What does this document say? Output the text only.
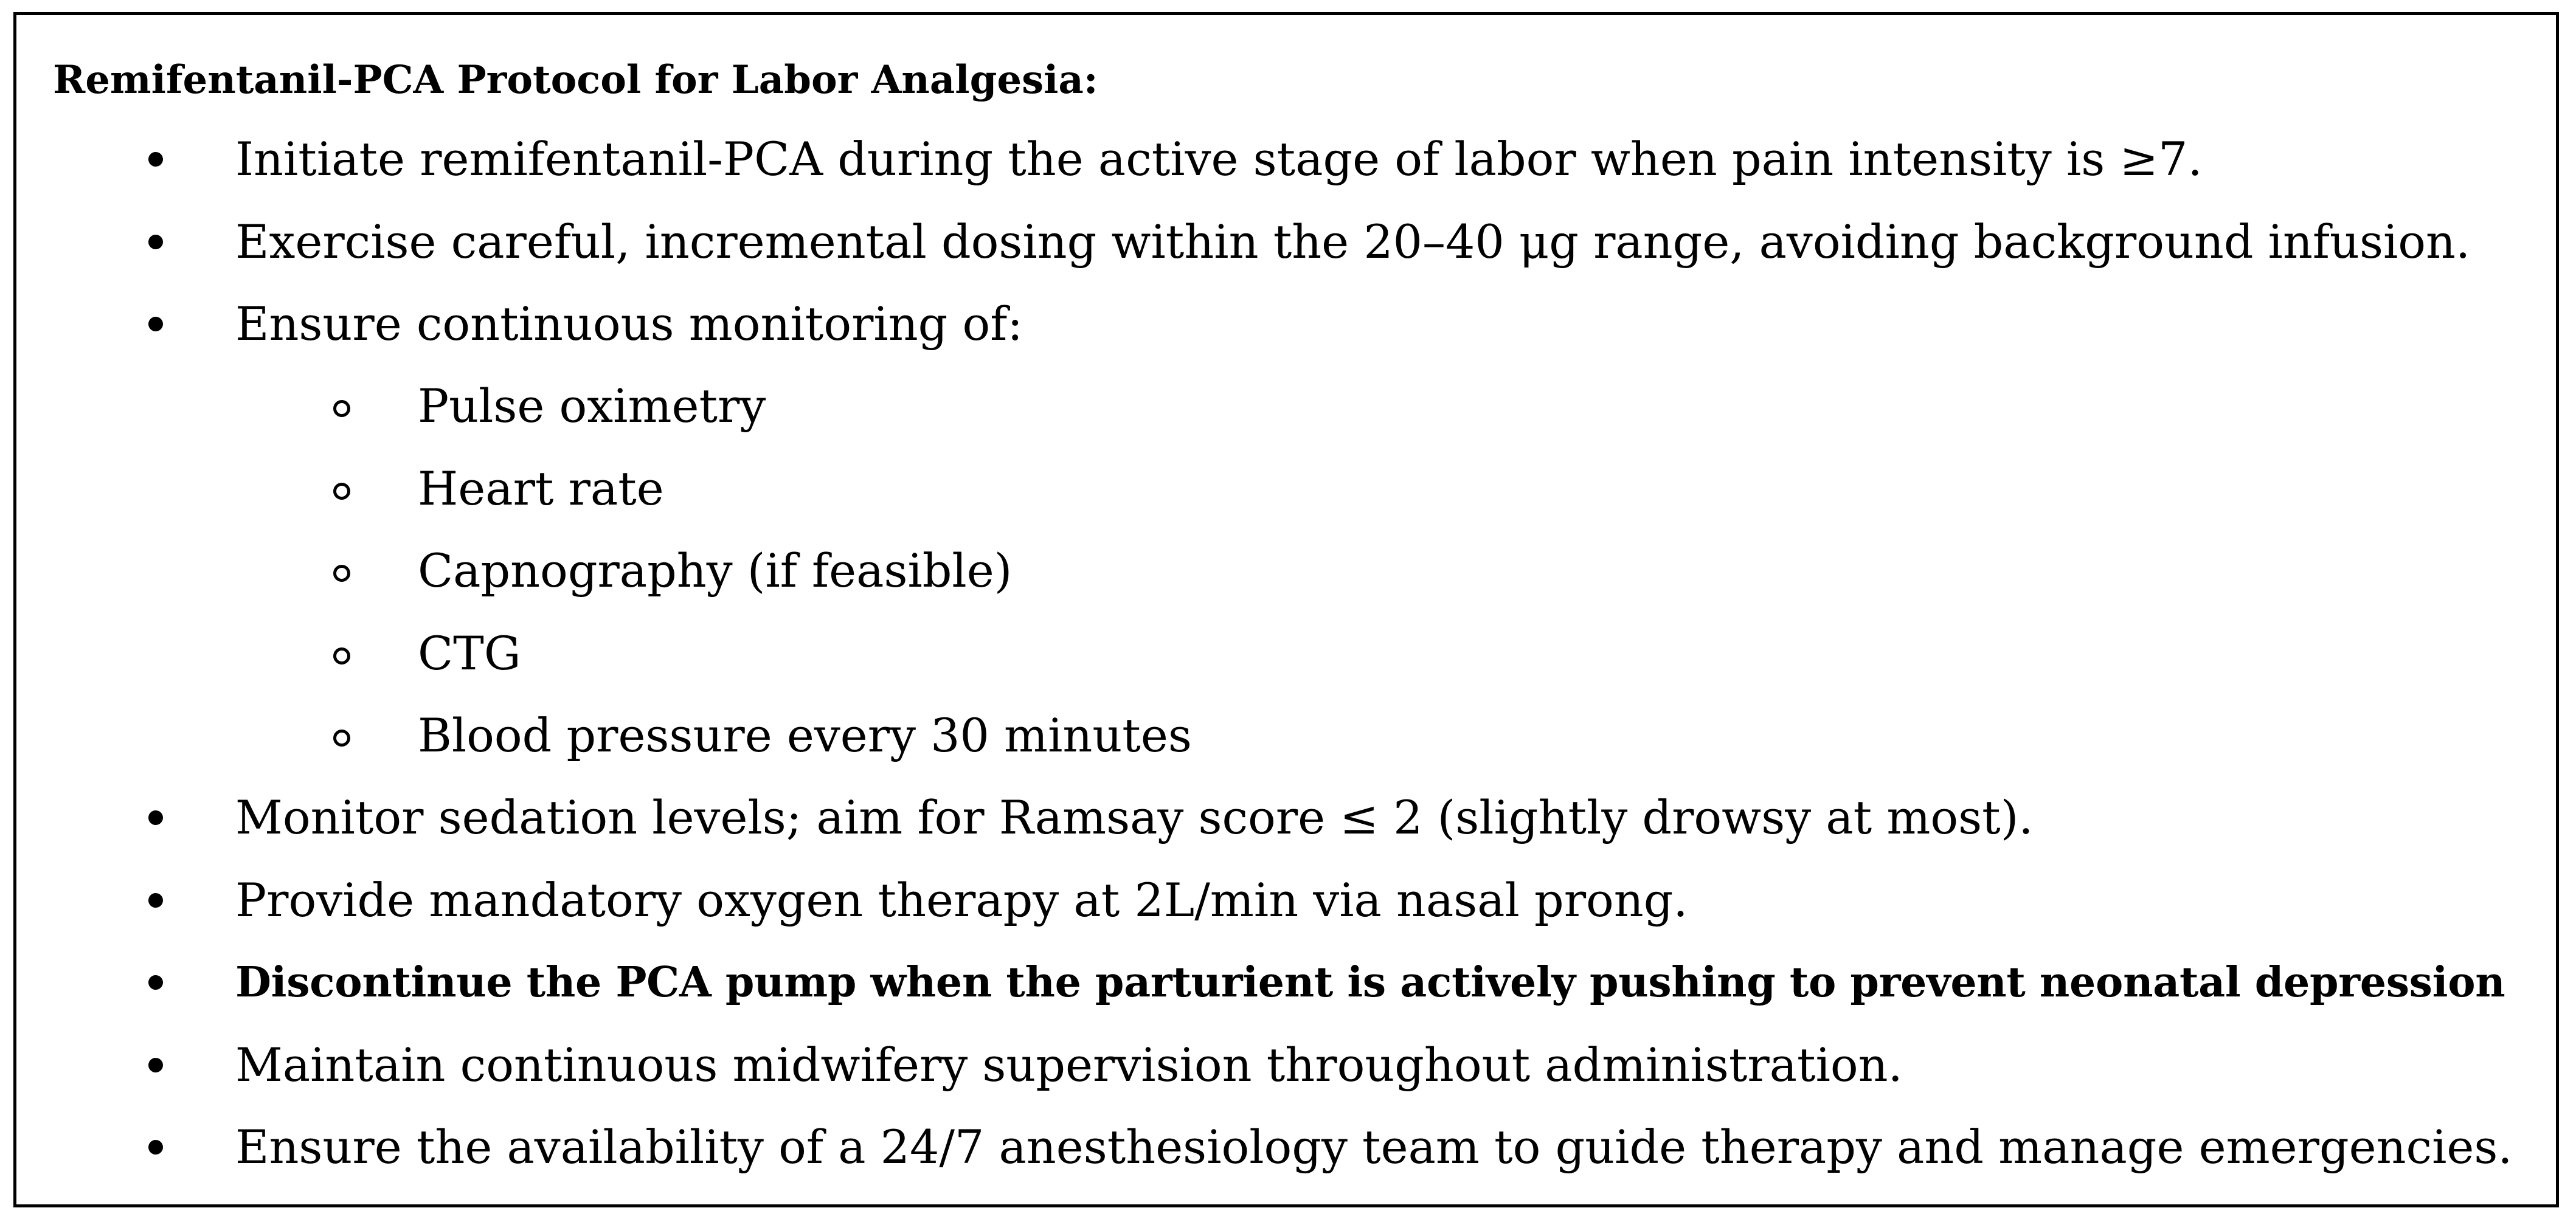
Remifentanil-PCA Protocol for Labor Analgesia:
Initiate remifentanil-PCA during the active stage of labor when pain intensity is ≥7.
Exercise careful, incremental dosing within the 20–40 μg range, avoiding background infusion.
Ensure continuous monitoring of:
Pulse oximetry
Heart rate
Capnography (if feasible)
CTG
Blood pressure every 30 minutes
Monitor sedation levels; aim for Ramsay score ≤ 2 (slightly drowsy at most).
Provide mandatory oxygen therapy at 2L/min via nasal prong.
Discontinue the PCA pump when the parturient is actively pushing to prevent neonatal depression
Maintain continuous midwifery supervision throughout administration.
Ensure the availability of a 24/7 anesthesiology team to guide therapy and manage emergencies.
